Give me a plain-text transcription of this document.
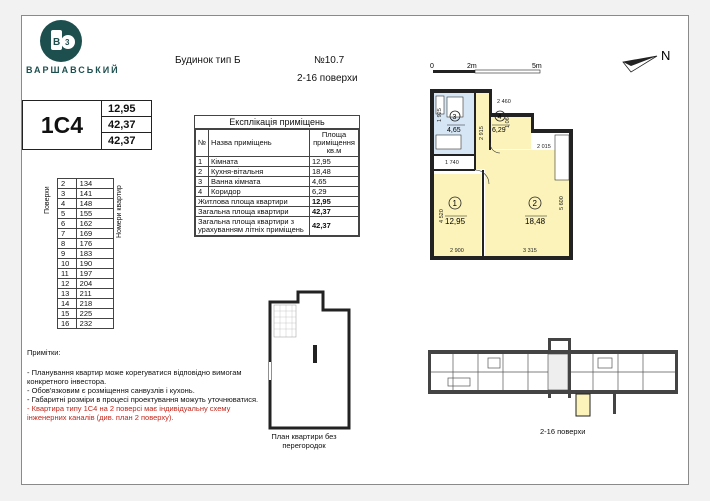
В 3
ВАРШАВСЬКИЙ
Будинок тип Б	№10.7
2-16 поверхи
1С4
12,95
42,37
42,37
Поверхи	Номери квартир
2	134
3	141
4	148
5	155
6	162
7	169
8	176
9	183
10	190
11	197
12	204
13	211
14	218
15	225
16	232
Експлікація приміщень
№	Назва приміщень	Площа приміщення кв.м
1	Кімната	12,95
2	Кухня-вітальня	18,48
3	Ванна кімната	4,65
4	Коридор	6,29
Житлова площа квартири		12,95
Загальна площа квартири		42,37
Загальна площа квартири з урахуванням літніх приміщень		42,37
0	2m	5m
N
1
12,95
2
18,48
3
4,65
4
6,29
2 460
1 925
2 915
1 740
1 060
2 015
4 520
5 600
2 900	3 315
План квартири без перегородок
2-16 поверхи
Примітки:
- Планування квартир може корегуватися відповідно вимогам конкретного інвестора.
- Обов'язковим є розміщення санвузлів і кухонь.
- Габаритні розміри в процесі проектування можуть уточнюватися.
- Квартира типу 1С4 на 2 поверсі має індивідуальну схему інженерних каналів (див. план 2 поверху).
